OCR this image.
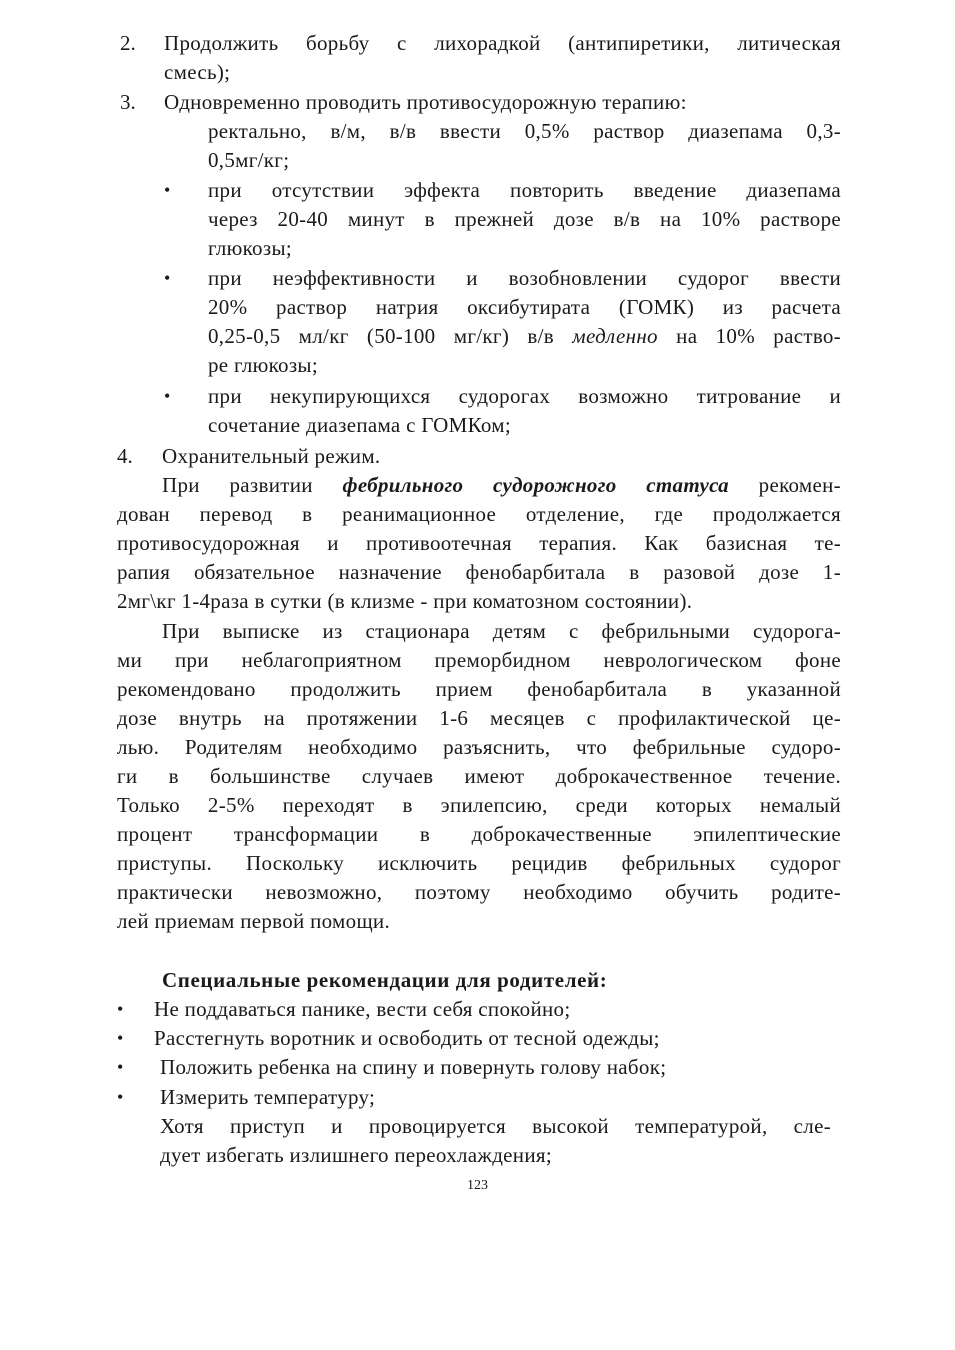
2. Продолжить борьбу с лихорадкой (антипиретики, литическая
смесь);
3. Одновременно проводить противосудорожную терапию:
ректально, в/м, в/в ввести 0,5% раствор диазепама 0,3-
0,5мг/кг;
• при отсутствии эффекта повторить введение диазепама
через 20-40 минут в прежней дозе в/в на 10% растворе
глюкозы;
• при неэффективности и возобновлении судорог ввести
20% раствор натрия оксибутирата (ГОМК) из расчета
0,25-0,5 мл/кг (50-100 мг/кг) в/в медленно на 10% раство-
ре глюкозы;
• при некупирующихся судорогах возможно титрование и
сочетание диазепама с ГОМКом;
4. Охранительный режим.
При развитии фебрильного судорожного статуса рекомен-
дован перевод в реанимационное отделение, где продолжается
противосудорожная и противоотечная терапия. Как базисная те-
рапия обязательное назначение фенобарбитала в разовой дозе 1-
2мг\кг 1-4раза в сутки (в клизме - при коматозном состоянии).
При выписке из стационара детям с фебрильными судорога-
ми при неблагоприятном преморбидном неврологическом фоне
рекомендовано продолжить прием фенобарбитала в указанной
дозе внутрь на протяжении 1-6 месяцев с профилактической це-
лью. Родителям необходимо разъяснить, что фебрильные судоро-
ги в большинстве случаев имеют доброкачественное течение.
Только 2-5% переходят в эпилепсию, среди которых немалый
процент трансформации в доброкачественные эпилептические
приступы. Поскольку исключить рецидив фебрильных судорог
практически невозможно, поэтому необходимо обучить родите-
лей приемам первой помощи.
Специальные рекомендации для родителей:
• Не поддаваться панике, вести себя спокойно;
• Расстегнуть воротник и освободить от тесной одежды;
• Положить ребенка на спину и повернуть голову набок;
• Измерить температуру;
Хотя приступ и провоцируется высокой температурой, сле-
дует избегать излишнего переохлаждения;
123
